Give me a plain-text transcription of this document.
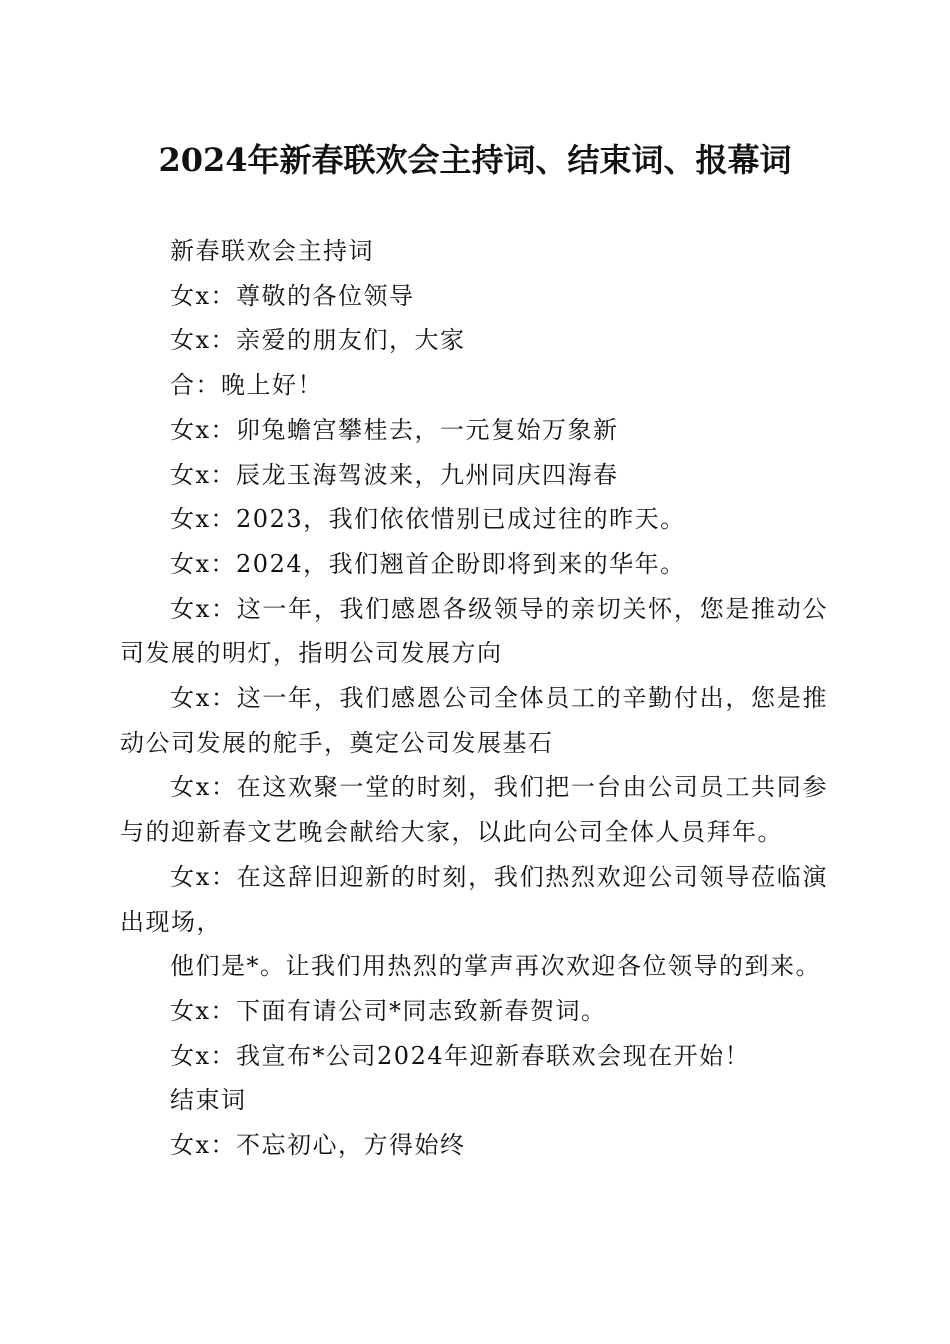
2024年新春联欢会主持词、结束词、报幕词

新春联欢会主持词

女x：尊敬的各位领导

女x：亲爱的朋友们，大家

合：晚上好！

女x：卯兔蟾宫攀桂去，一元复始万象新

女x：辰龙玉海驾波来，九州同庆四海春

女x：2023，我们依依惜别已成过往的昨天。

女x：2024，我们翘首企盼即将到来的华年。

女x：这一年，我们感恩各级领导的亲切关怀，您是推动公司发展的明灯，指明公司发展方向

女x：这一年，我们感恩公司全体员工的辛勤付出，您是推动公司发展的舵手，奠定公司发展基石

女x：在这欢聚一堂的时刻，我们把一台由公司员工共同参与的迎新春文艺晚会献给大家，以此向公司全体人员拜年。

女x：在这辞旧迎新的时刻，我们热烈欢迎公司领导莅临演出现场，

他们是*。让我们用热烈的掌声再次欢迎各位领导的到来。

女x：下面有请公司*同志致新春贺词。

女x：我宣布*公司2024年迎新春联欢会现在开始！

结束词

女x：不忘初心，方得始终
